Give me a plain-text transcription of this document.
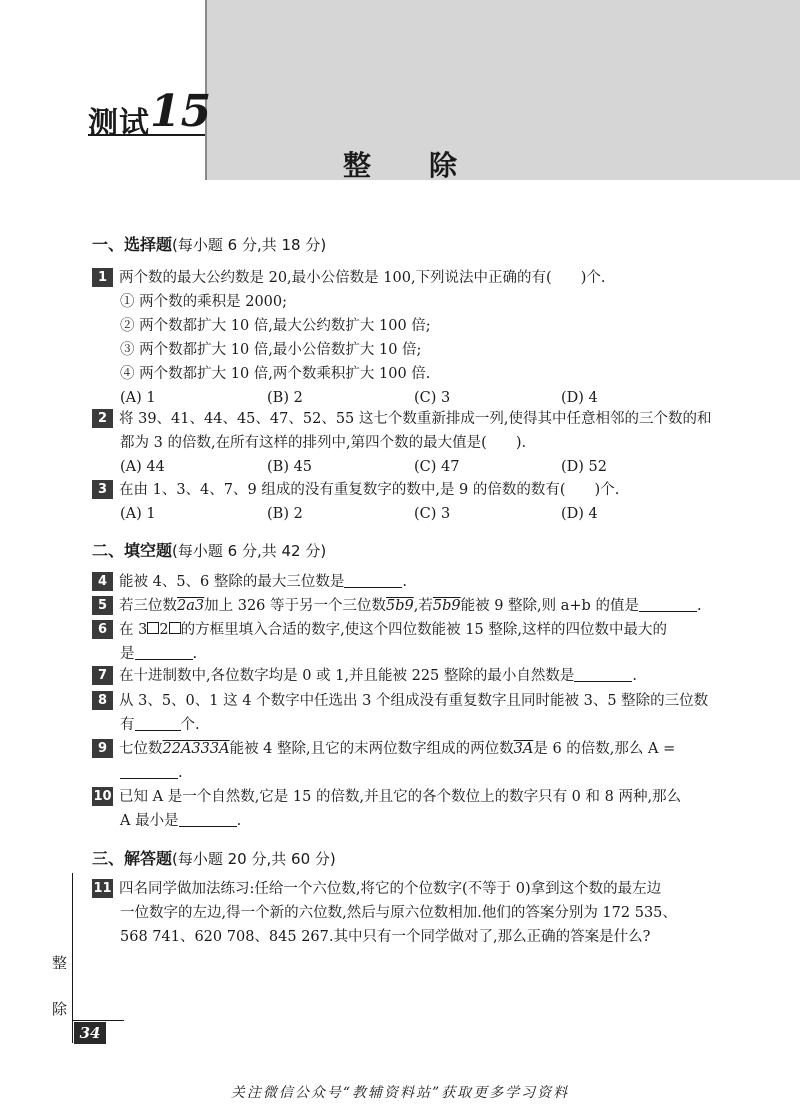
测试 15
整除
一、选择题(每小题 6 分,共 18 分)
1 两个数的最大公约数是 20,最小公倍数是 100,下列说法中正确的有(　　)个.
① 两个数的乘积是 2000;
② 两个数都扩大 10 倍,最大公约数扩大 100 倍;
③ 两个数都扩大 10 倍,最小公倍数扩大 10 倍;
④ 两个数都扩大 10 倍,两个数乘积扩大 100 倍.
(A) 1	(B) 2	(C) 3	(D) 4
2 将 39、41、44、45、47、52、55 这七个数重新排成一列,使得其中任意相邻的三个数的和
都为 3 的倍数,在所有这样的排列中,第四个数的最大值是(　　).
(A) 44	(B) 45	(C) 47	(D) 52
3 在由 1、3、4、7、9 组成的没有重复数字的数中,是 9 的倍数的数有(　　)个.
(A) 1	(B) 2	(C) 3	(D) 4
二、填空题(每小题 6 分,共 42 分)
4 能被 4、5、6 整除的最大三位数是	.
5 若三位数2a3加上 326 等于另一个三位数5b9,若5b9能被 9 整除,则 a+b 的值是	.
6 在 3 2 的方框里填入合适的数字,使这个四位数能被 15 整除,这样的四位数中最大的
是	.
7 在十进制数中,各位数字均是 0 或 1,并且能被 225 整除的最小自然数是	.
8 从 3、5、0、1 这 4 个数字中任选出 3 个组成没有重复数字且同时能被 3、5 整除的三位数
有	个.
9 七位数22A333A能被 4 整除,且它的末两位数字组成的两位数3A是 6 的倍数,那么 A =
.
10 已知 A 是一个自然数,它是 15 的倍数,并且它的各个数位上的数字只有 0 和 8 两种,那么
A 最小是	.
三、解答题(每小题 20 分,共 60 分)
11 四名同学做加法练习:任给一个六位数,将它的个位数字(不等于 0)拿到这个数的最左边
一位数字的左边,得一个新的六位数,然后与原六位数相加.他们的答案分别为 172 535、
568 741、620 708、845 267.其中只有一个同学做对了,那么正确的答案是什么?
整
除
34
关注微信公众号“教辅资料站”获取更多学习资料
